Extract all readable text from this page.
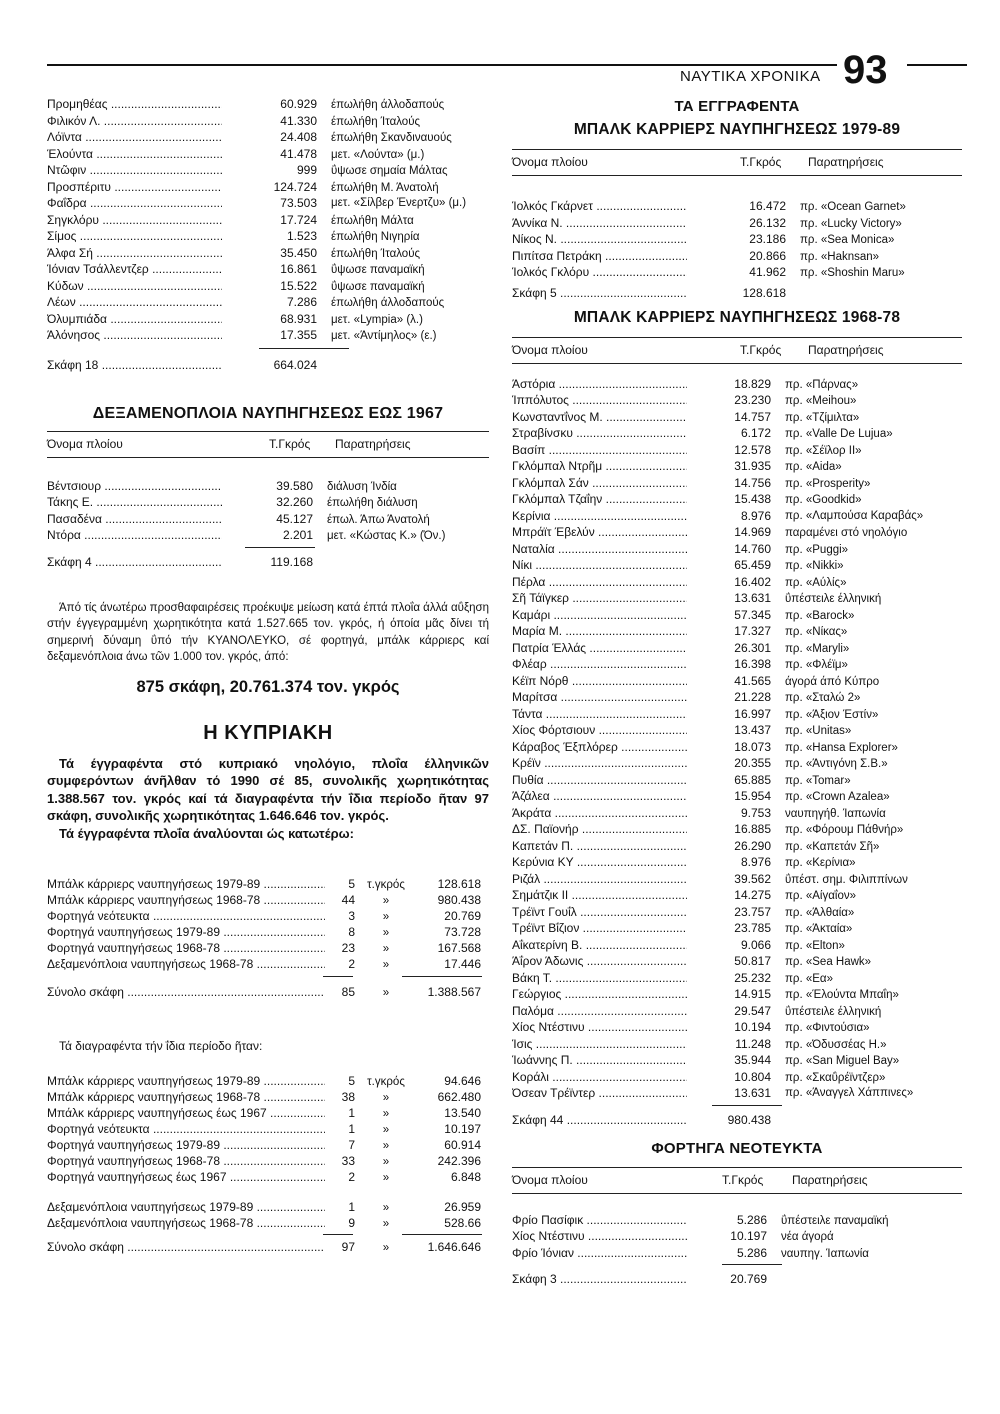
ΝΑΥΤΙΚΑ ΧΡΟΝΙΚΑ 93
Προμηθέας .....	60.929	έπωλήθη άλλοδαπούς
Φιλικόν Λ. .....	41.330	έπωλήθη Ίταλούς
Λόϊντα .....	24.408	έπωλήθη Σκανδιναυούς
Έλούντα .....	41.478	μετ. «Λούντα» (μ.)
Ντῶφιν .....	999	ΰψωσε σημαία Μάλτας
Προσπέριτυ .....	124.724	έπωλήθη Μ. Άνατολή
Φαΐδρα .....	73.503	μετ. «Σίλβερ Ένερτζυ» (μ.)
Σηγκλόρυ .....	17.724	έπωλήθη Μάλτα
Σίμος .....	1.523	έπωλήθη Νιγηρία
Άλφα Σή .....	35.450	έπωλήθη Ίταλούς
Ίόνιαν Τσάλλεντζερ .....	16.861	ΰψωσε παναμαϊκή
Κύδων .....	15.522	ΰψωσε παναμαϊκή
Λέων .....	7.286	έπωλήθη άλλοδαπούς
Όλυμπιάδα .....	68.931	μετ. «Lympia» (λ.)
Άλόνησος .....	17.355	μετ. «Άντίμηλος» (ε.)
Σκάφη 18 .....	664.024
ΔΕΞΑΜΕΝΟΠΛΟΙΑ ΝΑΥΠΗΓΗΣΕΩΣ ΕΩΣ 1967
Όνομα πλοίου	Τ.Γκρός	Παρατηρήσεις
Βέντσιουρ .....	39.580	διάλυση Ίνδία
Τάκης Ε. .....	32.260	έπωλήθη διάλυση
Πασαδένα .....	45.127	έπωλ. Άπω Άνατολή
Ντόρα .....	2.201	μετ. «Κώστας Κ.» (Όν.)
Σκάφη 4 .....	119.168
Άπό τίς άνωτέρω προσθαφαιρέσεις προέκυψε μείωση κατά έπτά πλοΐα άλλά αΰξηση στήν έγγεγραμμένη χωρητικότητα κατά 1.527.665 τον. γκρός, ή όποία μᾶς δίνει τή σημερινή δύναμη ΰπό τήν ΚΥΑΝΟΛΕΥΚΟ, σέ φορτηγά, μπάλκ κάρριερς καί δεξαμενόπλοια άνω τῶν 1.000 τον. γκρός, άπό:
875 σκάφη, 20.761.374 τον. γκρός
Η ΚΥΠΡΙΑΚΗ
Τά έγγραφέντα στό κυπριακό νηολόγιο, πλοΐα έλληνικῶν συμφερόντων άνῆλθαν τό 1990 σέ 85, συνολικῆς χωρητικότητας 1.388.567 τον. γκρός καί τά διαγραφέντα τήν ΐδια περίοδο ῆταν 97 σκάφη, συνολικῆς χωρητικότητας 1.646.646 τον. γκρός.
Τά έγγραφέντα πλοΐα άναλύονται ώς κατωτέρω:
Μπάλκ κάρριερς ναυπηγήσεως 1979-89 .....	5	τ.γκρός	128.618
Μπάλκ κάρριερς ναυπηγήσεως 1968-78 .....	44	»	980.438
Φορτηγά νεότευκτα .....	3	»	20.769
Φορτηγά ναυπηγήσεως 1979-89 .....	8	»	73.728
Φορτηγά ναυπηγήσεως 1968-78 .....	23	»	167.568
Δεξαμενόπλοια ναυπηγήσεως 1968-78 .....	2	»	17.446
Σύνολο σκάφη .....	85	»	1.388.567
Τά διαγραφέντα τήν ΐδια περίοδο ῆταν:
Μπάλκ κάρριερς ναυπηγήσεως 1979-89 .....	5	τ.γκρός	94.646
Μπάλκ κάρριερς ναυπηγήσεως 1968-78 .....	38	»	662.480
Μπάλκ κάρριερς ναυπηγήσεως έως 1967 .....	1	»	13.540
Φορτηγά νεότευκτα .....	1	»	10.197
Φορτηγά ναυπηγήσεως 1979-89 .....	7	»	60.914
Φορτηγά ναυπηγήσεως 1968-78 .....	33	»	242.396
Φορτηγά ναυπηγήσεως έως 1967 .....	2	»	6.848
Δεξαμενόπλοια ναυπηγήσεως 1979-89 .....	1	»	26.959
Δεξαμενόπλοια ναυπηγήσεως 1968-78 .....	9	»	528.66
Σύνολο σκάφη .....	97	»	1.646.646
ΤΑ ΕΓΓΡΑΦΕΝΤΑ
ΜΠΑΛΚ ΚΑΡΡΙΕΡΣ ΝΑΥΠΗΓΗΣΕΩΣ 1979-89
Όνομα πλοίου	Τ.Γκρός	Παρατηρήσεις
Ίολκός Γκάρνετ .....	16.472	πρ. «Ocean Garnet»
Άννίκα Ν. .....	26.132	πρ. «Lucky Victory»
Νίκος Ν. .....	23.186	πρ. «Sea Monica»
Πιπίτσα Πετράκη .....	20.866	πρ. «Haknsan»
Ίολκός Γκλόρυ .....	41.962	πρ. «Shoshin Maru»
Σκάφη 5 .....	128.618
ΜΠΑΛΚ ΚΑΡΡΙΕΡΣ ΝΑΥΠΗΓΗΣΕΩΣ 1968-78
Όνομα πλοίου	Τ.Γκρός	Παρατηρήσεις
Άστόρια .....	18.829	πρ. «Πάρνας»
Ίππόλυτος .....	23.230	πρ. «Meihou»
Κωνσταντΐνος Μ. .....	14.757	πρ. «Τζίμιλτα»
Στραβίνσκυ .....	6.172	πρ. «Valle De Lujua»
Βασίπ .....	12.578	πρ. «Σέϊλορ ΙΙ»
Γκλόμπαλ Ντρῆμ .....	31.935	πρ. «Aida»
Γκλόμπαλ Σάν .....	14.756	πρ. «Prosperity»
Γκλόμπαλ Τζαΐην .....	15.438	πρ. «Goodkid»
Κερίνια .....	8.976	πρ. «Λαμπούσα Καραβάς»
Μπράϊτ Έβελύν .....	14.969	παραμένει στό νηολόγιο
Ναταλία .....	14.760	πρ. «Puggi»
Νίκι .....	65.459	πρ. «Nikki»
Πέρλα .....	16.402	πρ. «Αύλίς»
Σῆ Τάϊγκερ .....	13.631	ΰπέστειλε έλληνική
Καμάρι .....	57.345	πρ. «Barock»
Μαρία Μ. .....	17.327	πρ. «Νίκας»
Πατρία Έλλάς .....	26.301	πρ. «Maryli»
Φλέαρ .....	16.398	πρ. «Φλέϊμ»
Κέϊπ Νόρθ .....	41.565	άγορά άπό Κύπρο
Μαρίτσα .....	21.228	πρ. «Σταλώ 2»
Τάντα .....	16.997	πρ. «Άξιον Έστίν»
Χίος Φόρτσιουν .....	13.437	πρ. «Unitas»
Κάραβος Έξπλόρερ .....	18.073	πρ. «Hansa Explorer»
Κρέϊν .....	20.355	πρ. «Άντιγόνη Σ.Β.»
Πυθία .....	65.885	πρ. «Tomar»
Άζάλεα .....	15.954	πρ. «Crown Azalea»
Άκράτα .....	9.753	ναυπηγήθ. Ίαπωνία
ΔΣ. Παϊονήρ .....	16.885	πρ. «Φόρουμ Πάθνήρ»
Καπετάν Π. .....	26.290	πρ. «Καπετάν Σῆ»
Κερύνια ΚΥ .....	8.976	πρ. «Κερίνια»
Ριζάλ .....	39.562	ΰπέστ. σημ. Φιλιππίνων
Σημάτζικ ΙΙ .....	14.275	πρ. «Αίγαΐον»
Τρέϊντ Γουΐλ .....	23.757	πρ. «Άλθαία»
Τρέϊντ Βΐζιον .....	23.785	πρ. «Άκταία»
Αΐκατερίνη Β. .....	9.066	πρ. «Elton»
Άΐρον Άδωνις .....	50.817	πρ. «Sea Hawk»
Βάκη Τ. .....	25.232	πρ. «Εα»
Γεώργιος .....	14.915	πρ. «Έλούντα Μπαΐη»
Παλόμα .....	29.547	ΰπέστειλε έλληνική
Χίος Ντέστινυ .....	10.194	πρ. «Φιντούσια»
Ίσις .....	11.248	πρ. «Όδυσσέας Η.»
Ίωάννης Π. .....	35.944	πρ. «San Miguel Bay»
Κοράλι .....	10.804	πρ. «Σκαΰρέϊντζερ»
Όσεαν Τρέϊντερ .....	13.631	πρ. «Άναγγελ Χάππινες»
Σκάφη 44 .....	980.438
ΦΟΡΤΗΓΑ ΝΕΟΤΕΥΚΤΑ
Όνομα πλοίου	Τ.Γκρός	Παρατηρήσεις
Φρίο Πασίφικ .....	5.286	ΰπέστειλε παναμαϊκή
Χίος Ντέστινυ .....	10.197	νέα άγορά
Φρίο Ίόνιαν .....	5.286	ναυπηγ. Ίαπωνία
Σκάφη 3 .....	20.769
